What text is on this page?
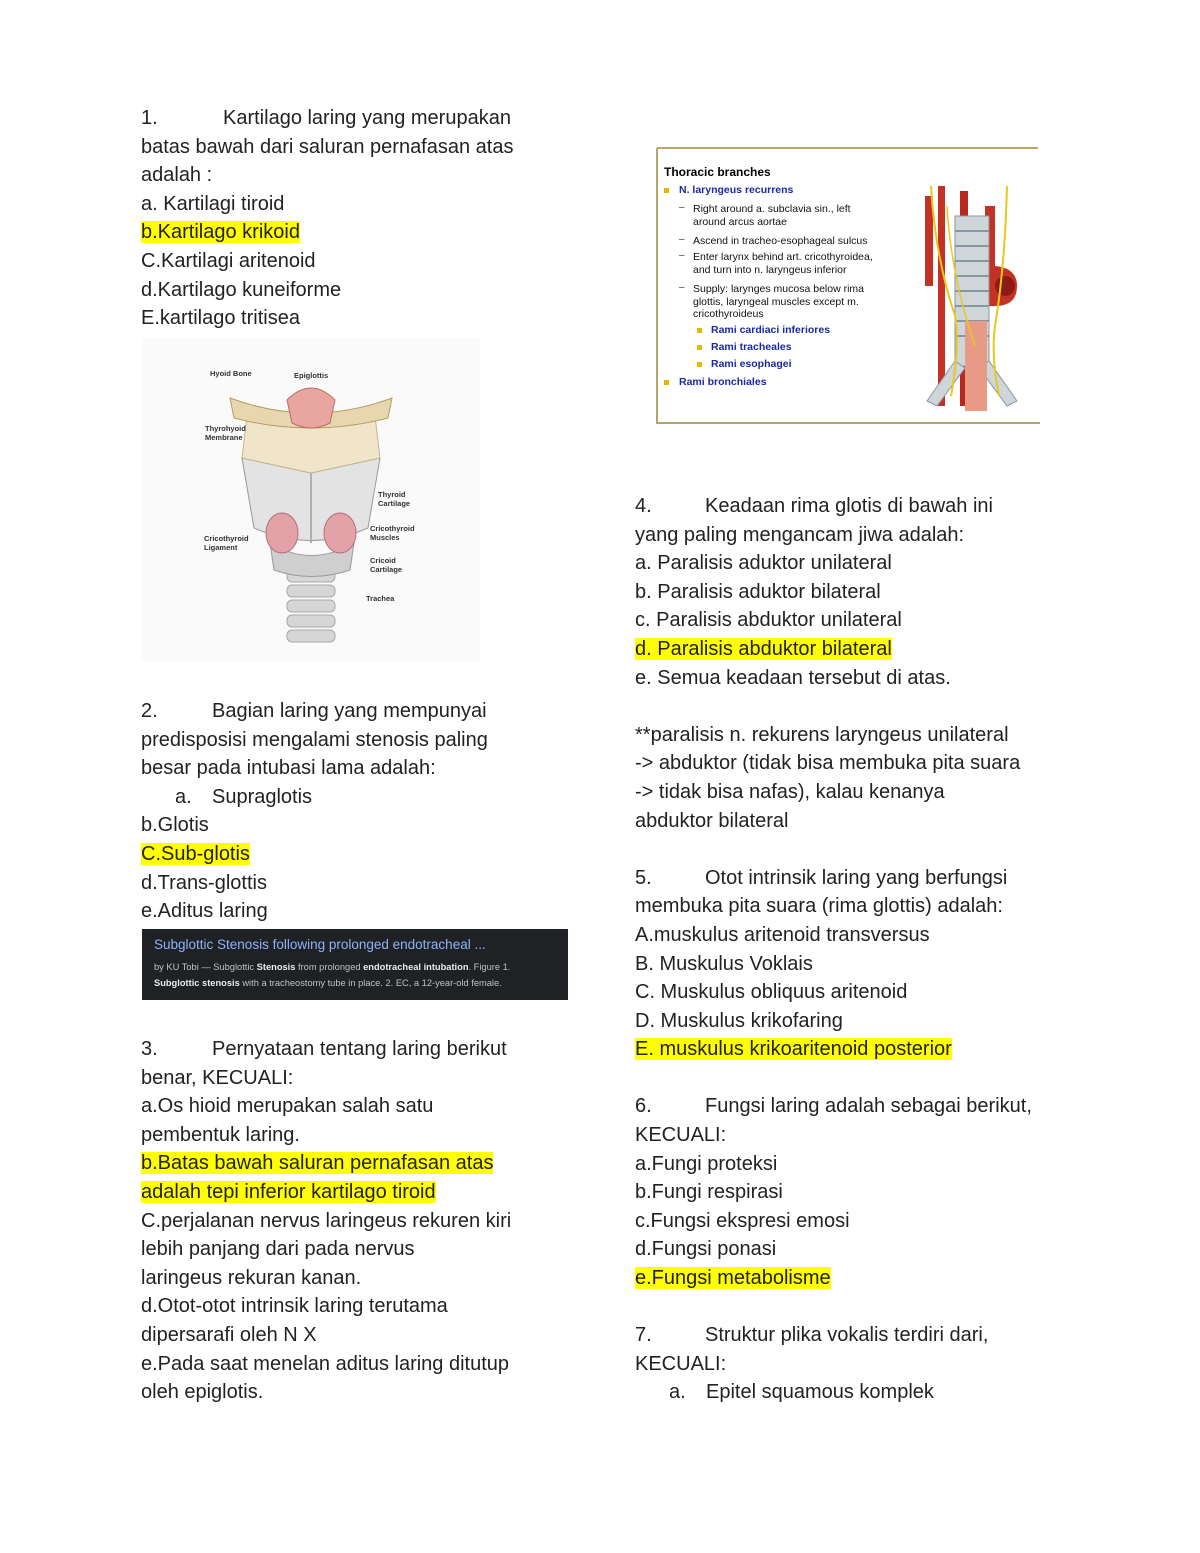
1.	Kartilago laring yang merupakan
batas bawah dari saluran pernafasan atas
adalah :
a. Kartilagi tiroid
b.Kartilago krikoid
C.Kartilagi aritenoid
d.Kartilago kuneiforme
E.kartilago tritisea
2.	Bagian laring yang mempunyai
predisposisi mengalami stenosis paling
besar pada intubasi lama adalah:
a. Supraglotis
b.Glotis
C.Sub-glotis
d.Trans-glottis
e.Aditus laring
3.	Pernyataan tentang laring berikut
benar, KECUALI:
a.Os hioid merupakan salah satu
pembentuk laring.
b.Batas bawah saluran pernafasan atas
adalah tepi inferior kartilago tiroid
C.perjalanan nervus laringeus rekuren kiri
lebih panjang dari pada nervus
laringeus rekuran kanan.
d.Otot-otot intrinsik laring terutama
dipersarafi oleh N X
e.Pada saat menelan aditus laring ditutup
oleh epiglotis.
Hyoid Bone	Epiglottis
Thyrohyoid
Membrane
Thyroid
Cartilage
Cricothyroid
Ligament
Cricothyroid
Muscles
Cricoid
Cartilage
Trachea
Subglottic Stenosis following prolonged endotracheal ...
by KU Tobi — Subglottic Stenosis from prolonged endotracheal intubation. Figure 1.
Subglottic stenosis with a tracheostomy tube in place. 2. EC, a 12-year-old female.
Thoracic branches
N. laryngeus recurrens
– Right around a. subclavia sin., left
around arcus aortae
– Ascend in tracheo-esophageal sulcus
– Enter larynx behind art. cricothyroidea,
and turn into n. laryngeus inferior
– Supply: larynges mucosa below rima
glottis, laryngeal muscles except m.
cricothyroideus
Rami cardiaci inferiores
Rami tracheales
Rami esophagei
Rami bronchiales
4.	Keadaan rima glotis di bawah ini
yang paling mengancam jiwa adalah:
a. Paralisis aduktor unilateral
b. Paralisis aduktor bilateral
c. Paralisis abduktor unilateral
d. Paralisis abduktor bilateral
e. Semua keadaan tersebut di atas.
**paralisis n. rekurens laryngeus unilateral
-> abduktor (tidak bisa membuka pita suara
-> tidak bisa nafas), kalau kenanya
abduktor bilateral
5.	Otot intrinsik laring yang berfungsi
membuka pita suara (rima glottis) adalah:
A.muskulus aritenoid transversus
B. Muskulus Voklais
C. Muskulus obliquus aritenoid
D. Muskulus krikofaring
E. muskulus krikoaritenoid posterior
6.	Fungsi laring adalah sebagai berikut,
KECUALI:
a.Fungi proteksi
b.Fungi respirasi
c.Fungsi ekspresi emosi
d.Fungsi ponasi
e.Fungsi metabolisme
7.	Struktur plika vokalis terdiri dari,
KECUALI:
a. Epitel squamous komplek
